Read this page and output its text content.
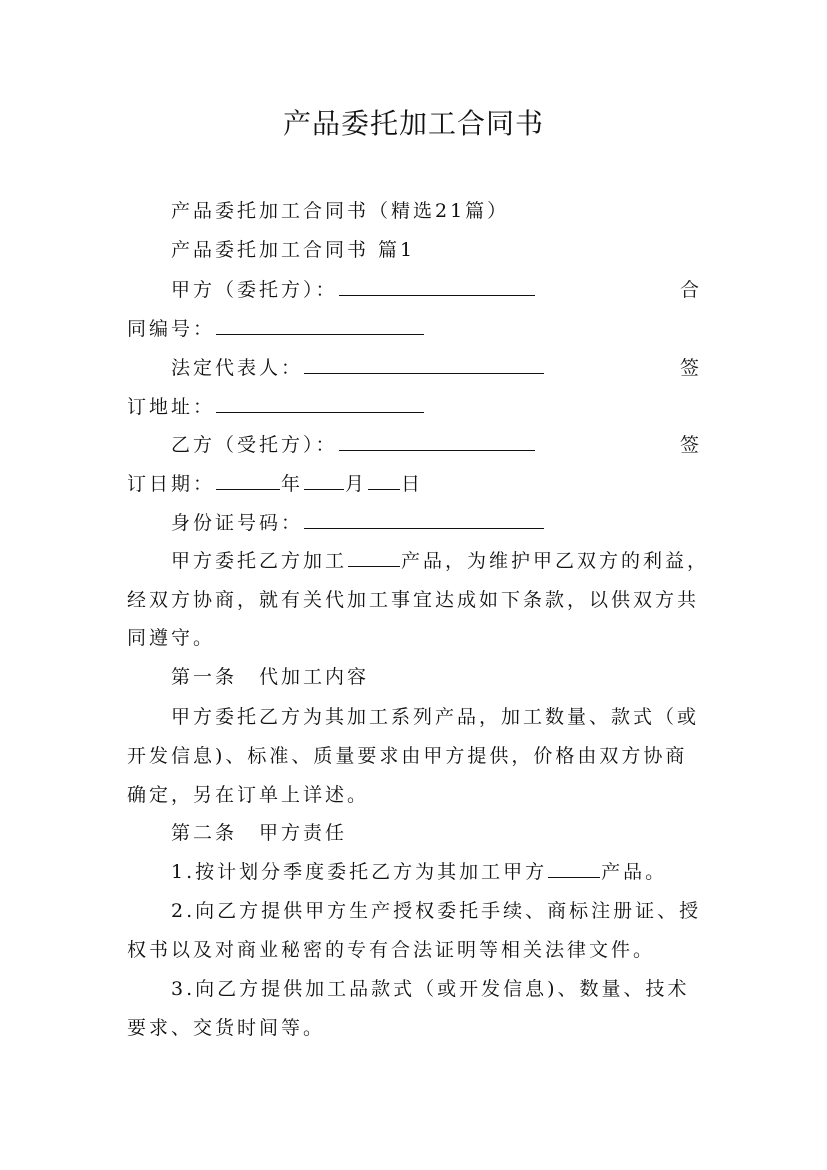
产品委托加工合同书
产品委托加工合同书（精选21篇）
产品委托加工合同书 篇1
甲方（委托方）：	合
同编号：
法定代表人：	签
订地址：
乙方（受托方）：	签
订日期：	年 月 日
身份证号码：
甲方委托乙方加工	产品，为维护甲乙双方的利益，
经双方协商，就有关代加工事宜达成如下条款，以供双方共
同遵守。
第一条　代加工内容
甲方委托乙方为其加工系列产品，加工数量、款式（或
开发信息)、标准、质量要求由甲方提供，价格由双方协商
确定，另在订单上详述。
第二条　甲方责任
1.按计划分季度委托乙方为其加工甲方	产品。
2.向乙方提供甲方生产授权委托手续、商标注册证、授
权书以及对商业秘密的专有合法证明等相关法律文件。
3.向乙方提供加工品款式（或开发信息)、数量、技术
要求、交货时间等。
